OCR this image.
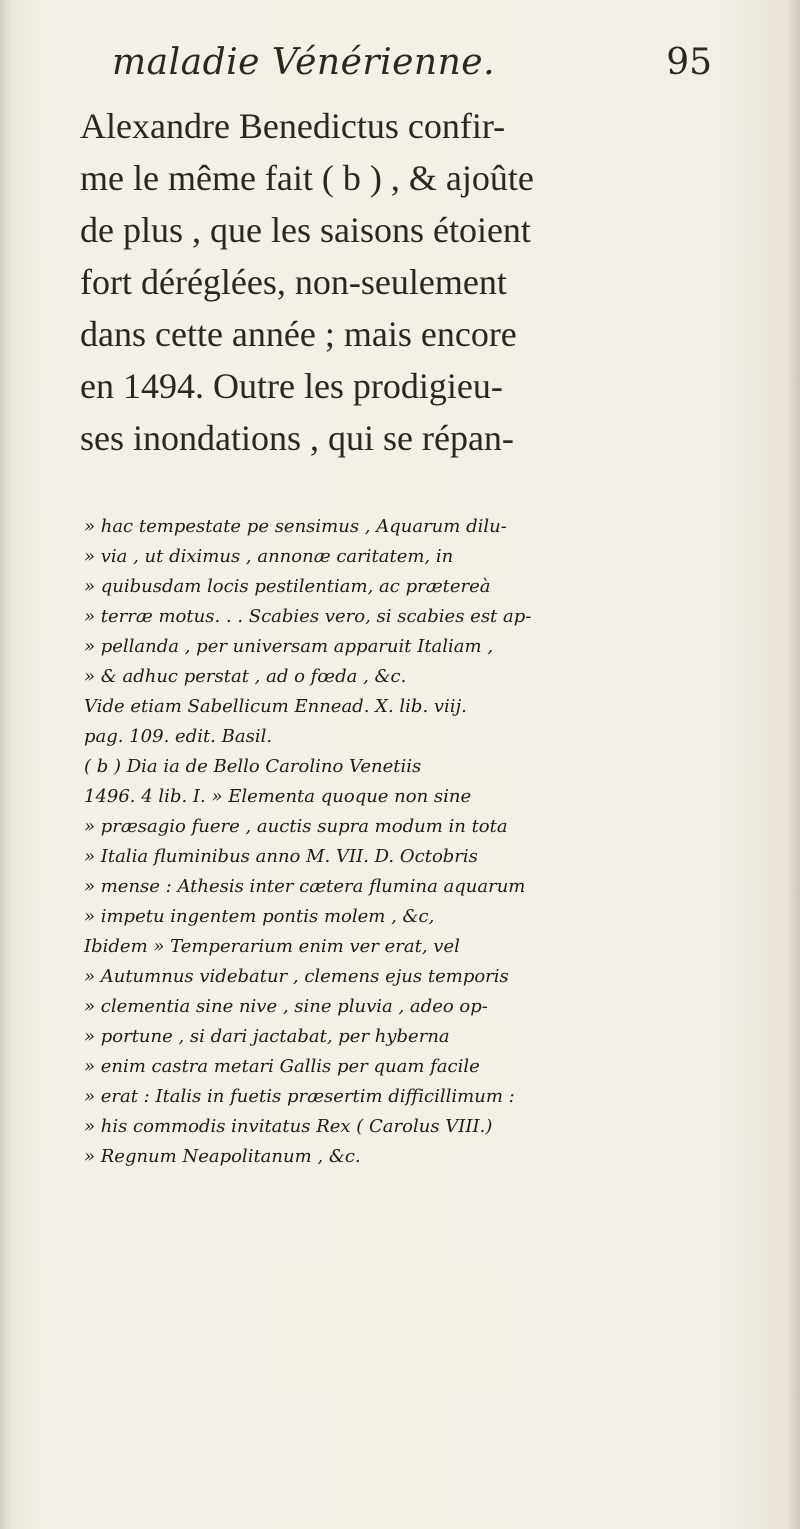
maladie Vénérienne.	95
Alexandre Benedictus confir-
me le même fait ( b ) , & ajoûte
de plus , que les saisons étoient
fort déréglées, non-seulement
dans cette année ; mais encore
en 1494. Outre les prodigieu-
ses inondations , qui se répan-
» hac tempestate pe sensimus , Aquarum dilu-
» via , ut diximus , annonæ caritatem, in
» quibusdam locis pestilentiam, ac prætereà
» terræ motus. . . Scabies vero, si scabies est ap-
» pellanda , per universam apparuit Italiam ,
» & adhuc perstat , ad o fœda , &c.
Vide etiam Sabellicum Ennead. X. lib. viij.
pag. 109. edit. Basil.
( b ) Dia ia de Bello Carolino Venetiis
1496. 4 lib. I. » Elementa quoque non sine
» præsagio fuere , auctis supra modum in tota
» Italia fluminibus anno M. VII. D. Octobris
» mense : Athesis inter cætera flumina aquarum
» impetu ingentem pontis molem , &c,
Ibidem » Temperarium enim ver erat, vel
» Autumnus videbatur , clemens ejus temporis
» clementia sine nive , sine pluvia , adeo op-
» portune , si dari jactabat, per hyberna
» enim castra metari Gallis per quam facile
» erat : Italis in fuetis præsertim difficillimum :
» his commodis invitatus Rex ( Carolus VIII.)
» Regnum Neapolitanum , &c.
